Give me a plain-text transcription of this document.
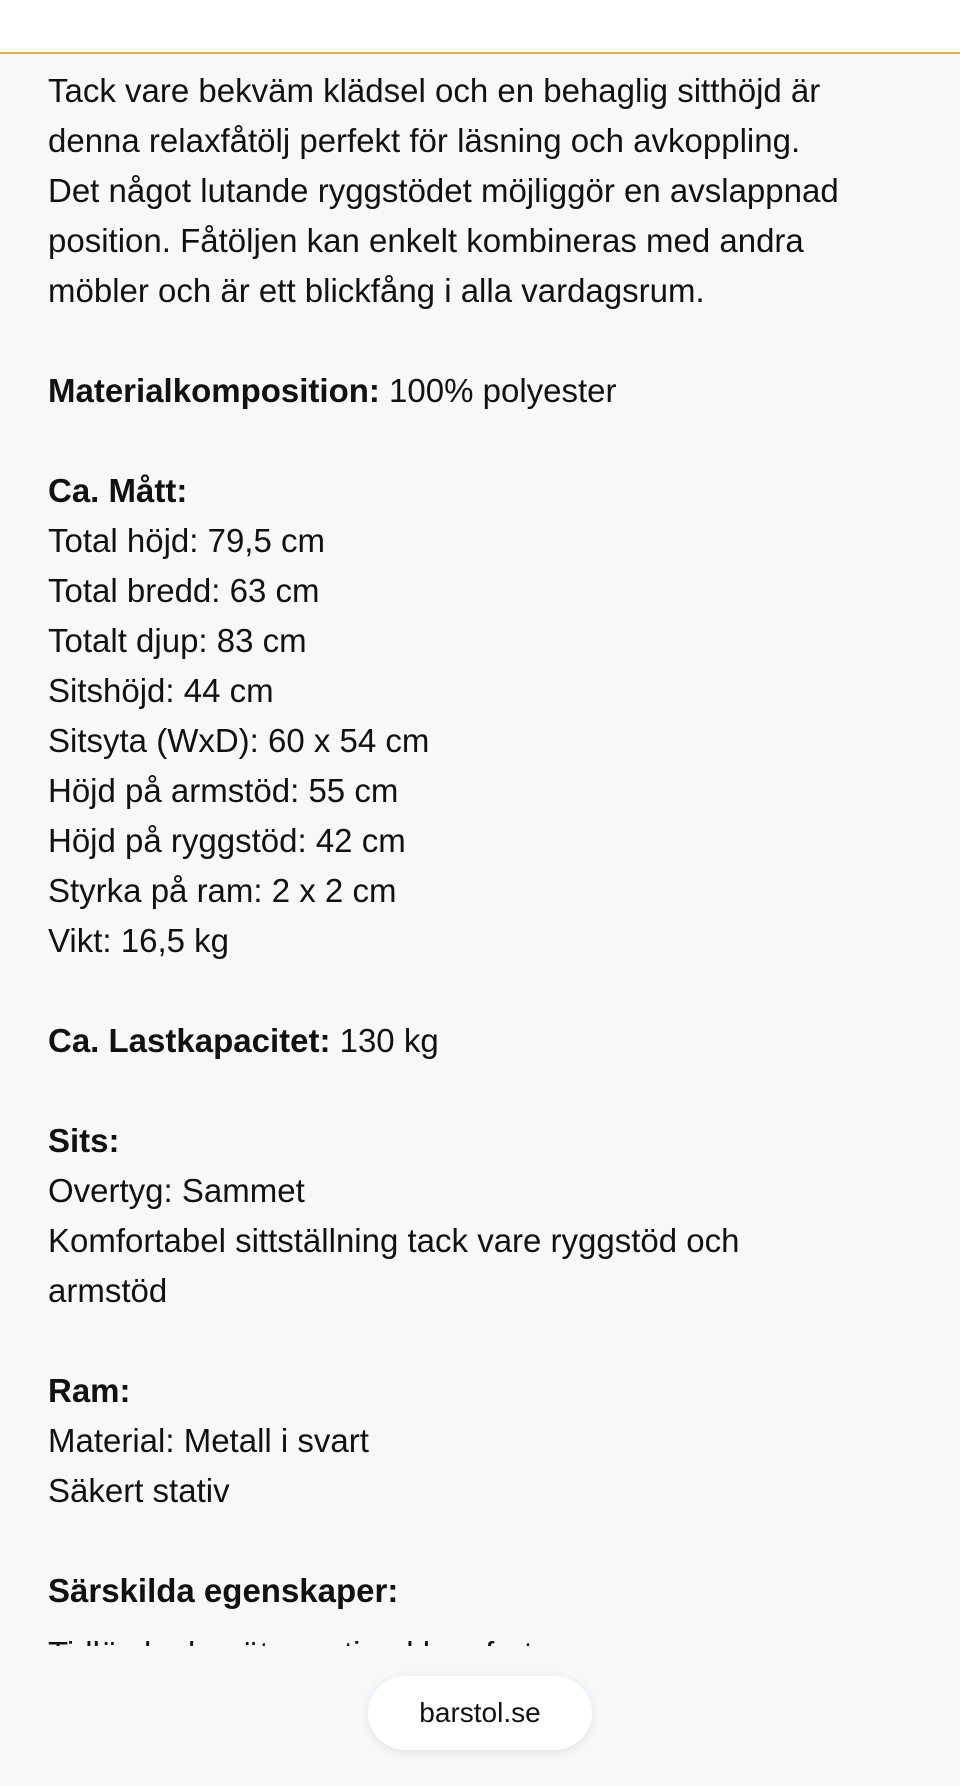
Tack vare bekväm klädsel och en behaglig sitthöjd är

denna relaxfåtölj perfekt för läsning och avkoppling.

Det något lutande ryggstödet möjliggör en avslappnad

position. Fåtöljen kan enkelt kombineras med andra

möbler och är ett blickfång i alla vardagsrum.

Materialkomposition: 100% polyester

Ca. Mått:

Total höjd: 79,5 cm

Total bredd: 63 cm

Totalt djup: 83 cm

Sitshöjd: 44 cm

Sitsyta (WxD): 60 x 54 cm

Höjd på armstöd: 55 cm

Höjd på ryggstöd: 42 cm

Styrka på ram: 2 x 2 cm

Vikt: 16,5 kg

Ca. Lastkapacitet: 130 kg

Sits:

Overtyg: Sammet

Komfortabel sittställning tack vare ryggstöd och

armstöd

Ram:

Material: Metall i svart

Säkert stativ

Särskilda egenskaper:

barstol.se
